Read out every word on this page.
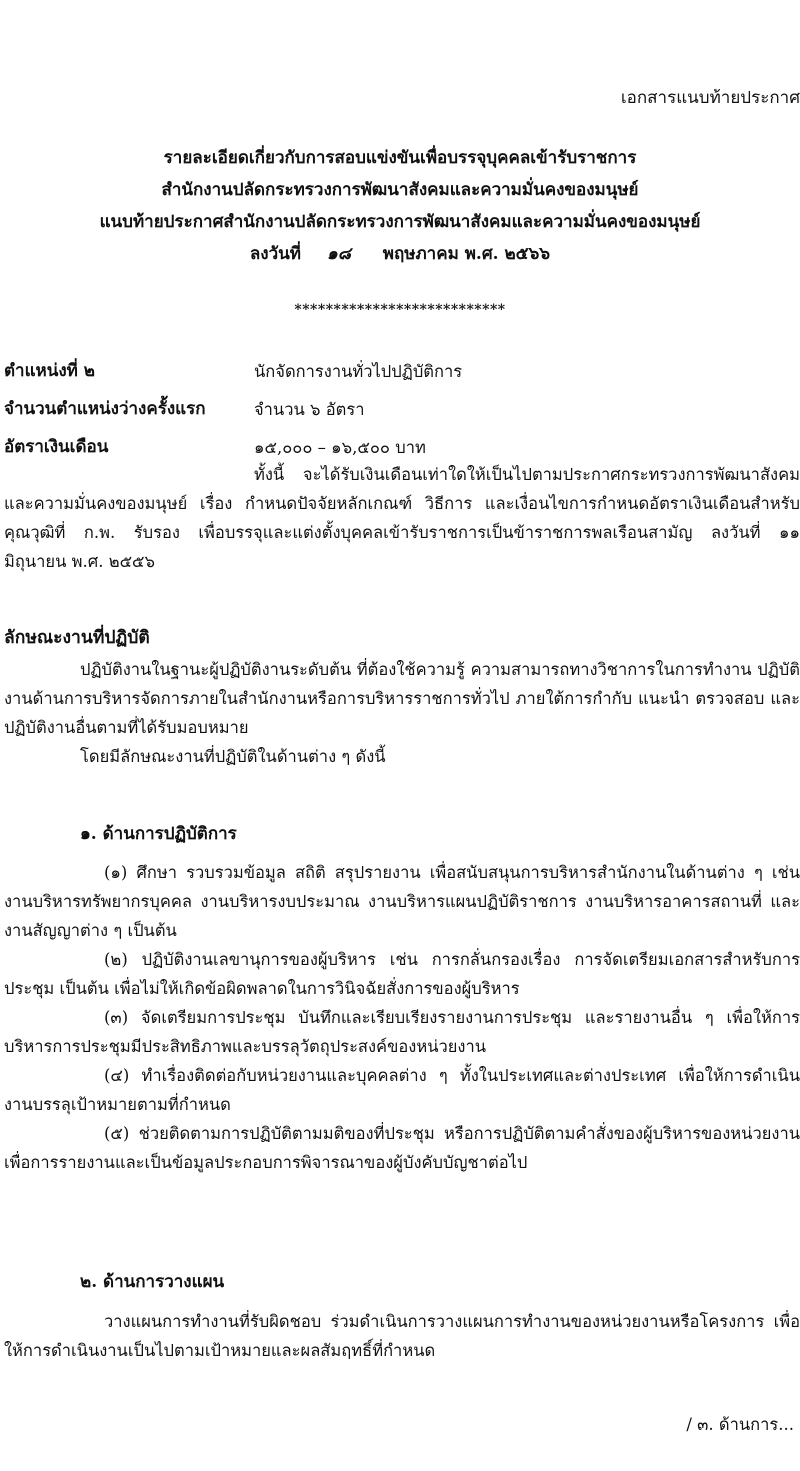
เอกสารแนบท้ายประกาศ
รายละเอียดเกี่ยวกับการสอบแข่งขันเพื่อบรรจุบุคคลเข้ารับราชการ
สำนักงานปลัดกระทรวงการพัฒนาสังคมและความมั่นคงของมนุษย์
แนบท้ายประกาศสำนักงานปลัดกระทรวงการพัฒนาสังคมและความมั่นคงของมนุษย์
ลงวันที่ ๑๘ พฤษภาคม พ.ศ. ๒๕๖๖
***************************
ตำแหน่งที่ ๒	นักจัดการงานทั่วไปปฏิบัติการ
จำนวนตำแหน่งว่างครั้งแรก	จำนวน ๖ อัตรา
อัตราเงินเดือน	๑๕,๐๐๐ – ๑๖,๕๐๐ บาท
ทั้งนี้ จะได้รับเงินเดือนเท่าใดให้เป็นไปตามประกาศกระทรวงการพัฒนาสังคมและความมั่นคงของมนุษย์ เรื่อง กำหนดปัจจัยหลักเกณฑ์ วิธีการ และเงื่อนไขการกำหนดอัตราเงินเดือนสำหรับคุณวุฒิที่ ก.พ. รับรอง เพื่อบรรจุและแต่งตั้งบุคคลเข้ารับราชการเป็นข้าราชการพลเรือนสามัญ ลงวันที่ ๑๑ มิถุนายน พ.ศ. ๒๕๕๖
ลักษณะงานที่ปฏิบัติ

ปฏิบัติงานในฐานะผู้ปฏิบัติงานระดับต้น ที่ต้องใช้ความรู้ ความสามารถทางวิชาการในการทำงาน ปฏิบัติงานด้านการบริหารจัดการภายในสำนักงานหรือการบริหารราชการทั่วไป ภายใต้การกำกับ แนะนำ ตรวจสอบ และปฏิบัติงานอื่นตามที่ได้รับมอบหมาย

โดยมีลักษณะงานที่ปฏิบัติในด้านต่าง ๆ ดังนี้

๑. ด้านการปฏิบัติการ

(๑) ศึกษา รวบรวมข้อมูล สถิติ สรุปรายงาน เพื่อสนับสนุนการบริหารสำนักงานในด้านต่าง ๆ เช่น งานบริหารทรัพยากรบุคคล งานบริหารงบประมาณ งานบริหารแผนปฏิบัติราชการ งานบริหารอาคารสถานที่ และงานสัญญาต่าง ๆ เป็นต้น

(๒) ปฏิบัติงานเลขานุการของผู้บริหาร เช่น การกลั่นกรองเรื่อง การจัดเตรียมเอกสารสำหรับการประชุม เป็นต้น เพื่อไม่ให้เกิดข้อผิดพลาดในการวินิจฉัยสั่งการของผู้บริหาร

(๓) จัดเตรียมการประชุม บันทึกและเรียบเรียงรายงานการประชุม และรายงานอื่น ๆ เพื่อให้การบริหารการประชุมมีประสิทธิภาพและบรรลุวัตถุประสงค์ของหน่วยงาน

(๔) ทำเรื่องติดต่อกับหน่วยงานและบุคคลต่าง ๆ ทั้งในประเทศและต่างประเทศ เพื่อให้การดำเนินงานบรรลุเป้าหมายตามที่กำหนด

(๕) ช่วยติดตามการปฏิบัติตามมติของที่ประชุม หรือการปฏิบัติตามคำสั่งของผู้บริหารของหน่วยงาน เพื่อการรายงานและเป็นข้อมูลประกอบการพิจารณาของผู้บังคับบัญชาต่อไป

๒. ด้านการวางแผน

วางแผนการทำงานที่รับผิดชอบ ร่วมดำเนินการวางแผนการทำงานของหน่วยงานหรือโครงการ เพื่อให้การดำเนินงานเป็นไปตามเป้าหมายและผลสัมฤทธิ์ที่กำหนด

/ ๓. ด้านการ...
